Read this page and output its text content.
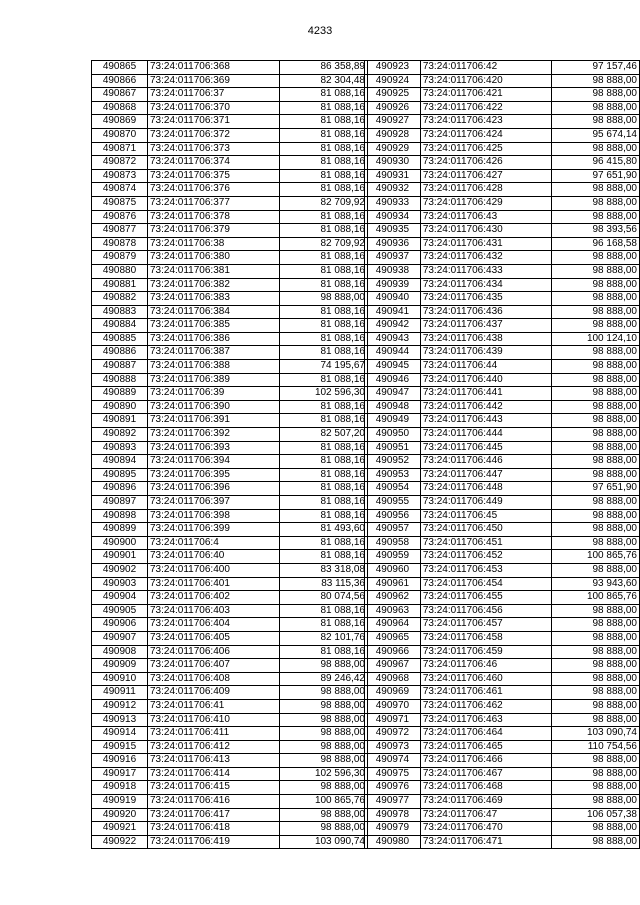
4233
490865	73:24:011706:368	86 358,89
490866	73:24:011706:369	82 304,48
490867	73:24:011706:37	81 088,16
490868	73:24:011706:370	81 088,16
490869	73:24:011706:371	81 088,16
490870	73:24:011706:372	81 088,16
490871	73:24:011706:373	81 088,16
490872	73:24:011706:374	81 088,16
490873	73:24:011706:375	81 088,16
490874	73:24:011706:376	81 088,16
490875	73:24:011706:377	82 709,92
490876	73:24:011706:378	81 088,16
490877	73:24:011706:379	81 088,16
490878	73:24:011706:38	82 709,92
490879	73:24:011706:380	81 088,16
490880	73:24:011706:381	81 088,16
490881	73:24:011706:382	81 088,16
490882	73:24:011706:383	98 888,00
490883	73:24:011706:384	81 088,16
490884	73:24:011706:385	81 088,16
490885	73:24:011706:386	81 088,16
490886	73:24:011706:387	81 088,16
490887	73:24:011706:388	74 195,67
490888	73:24:011706:389	81 088,16
490889	73:24:011706:39	102 596,30
490890	73:24:011706:390	81 088,16
490891	73:24:011706:391	81 088,16
490892	73:24:011706:392	82 507,20
490893	73:24:011706:393	81 088,16
490894	73:24:011706:394	81 088,16
490895	73:24:011706:395	81 088,16
490896	73:24:011706:396	81 088,16
490897	73:24:011706:397	81 088,16
490898	73:24:011706:398	81 088,16
490899	73:24:011706:399	81 493,60
490900	73:24:011706:4	81 088,16
490901	73:24:011706:40	81 088,16
490902	73:24:011706:400	83 318,08
490903	73:24:011706:401	83 115,36
490904	73:24:011706:402	80 074,56
490905	73:24:011706:403	81 088,16
490906	73:24:011706:404	81 088,16
490907	73:24:011706:405	82 101,76
490908	73:24:011706:406	81 088,16
490909	73:24:011706:407	98 888,00
490910	73:24:011706:408	89 246,42
490911	73:24:011706:409	98 888,00
490912	73:24:011706:41	98 888,00
490913	73:24:011706:410	98 888,00
490914	73:24:011706:411	98 888,00
490915	73:24:011706:412	98 888,00
490916	73:24:011706:413	98 888,00
490917	73:24:011706:414	102 596,30
490918	73:24:011706:415	98 888,00
490919	73:24:011706:416	100 865,76
490920	73:24:011706:417	98 888,00
490921	73:24:011706:418	98 888,00
490922	73:24:011706:419	103 090,74
490923	73:24:011706:42	97 157,46
490924	73:24:011706:420	98 888,00
490925	73:24:011706:421	98 888,00
490926	73:24:011706:422	98 888,00
490927	73:24:011706:423	98 888,00
490928	73:24:011706:424	95 674,14
490929	73:24:011706:425	98 888,00
490930	73:24:011706:426	96 415,80
490931	73:24:011706:427	97 651,90
490932	73:24:011706:428	98 888,00
490933	73:24:011706:429	98 888,00
490934	73:24:011706:43	98 888,00
490935	73:24:011706:430	98 393,56
490936	73:24:011706:431	96 168,58
490937	73:24:011706:432	98 888,00
490938	73:24:011706:433	98 888,00
490939	73:24:011706:434	98 888,00
490940	73:24:011706:435	98 888,00
490941	73:24:011706:436	98 888,00
490942	73:24:011706:437	98 888,00
490943	73:24:011706:438	100 124,10
490944	73:24:011706:439	98 888,00
490945	73:24:011706:44	98 888,00
490946	73:24:011706:440	98 888,00
490947	73:24:011706:441	98 888,00
490948	73:24:011706:442	98 888,00
490949	73:24:011706:443	98 888,00
490950	73:24:011706:444	98 888,00
490951	73:24:011706:445	98 888,00
490952	73:24:011706:446	98 888,00
490953	73:24:011706:447	98 888,00
490954	73:24:011706:448	97 651,90
490955	73:24:011706:449	98 888,00
490956	73:24:011706:45	98 888,00
490957	73:24:011706:450	98 888,00
490958	73:24:011706:451	98 888,00
490959	73:24:011706:452	100 865,76
490960	73:24:011706:453	98 888,00
490961	73:24:011706:454	93 943,60
490962	73:24:011706:455	100 865,76
490963	73:24:011706:456	98 888,00
490964	73:24:011706:457	98 888,00
490965	73:24:011706:458	98 888,00
490966	73:24:011706:459	98 888,00
490967	73:24:011706:46	98 888,00
490968	73:24:011706:460	98 888,00
490969	73:24:011706:461	98 888,00
490970	73:24:011706:462	98 888,00
490971	73:24:011706:463	98 888,00
490972	73:24:011706:464	103 090,74
490973	73:24:011706:465	110 754,56
490974	73:24:011706:466	98 888,00
490975	73:24:011706:467	98 888,00
490976	73:24:011706:468	98 888,00
490977	73:24:011706:469	98 888,00
490978	73:24:011706:47	106 057,38
490979	73:24:011706:470	98 888,00
490980	73:24:011706:471	98 888,00
